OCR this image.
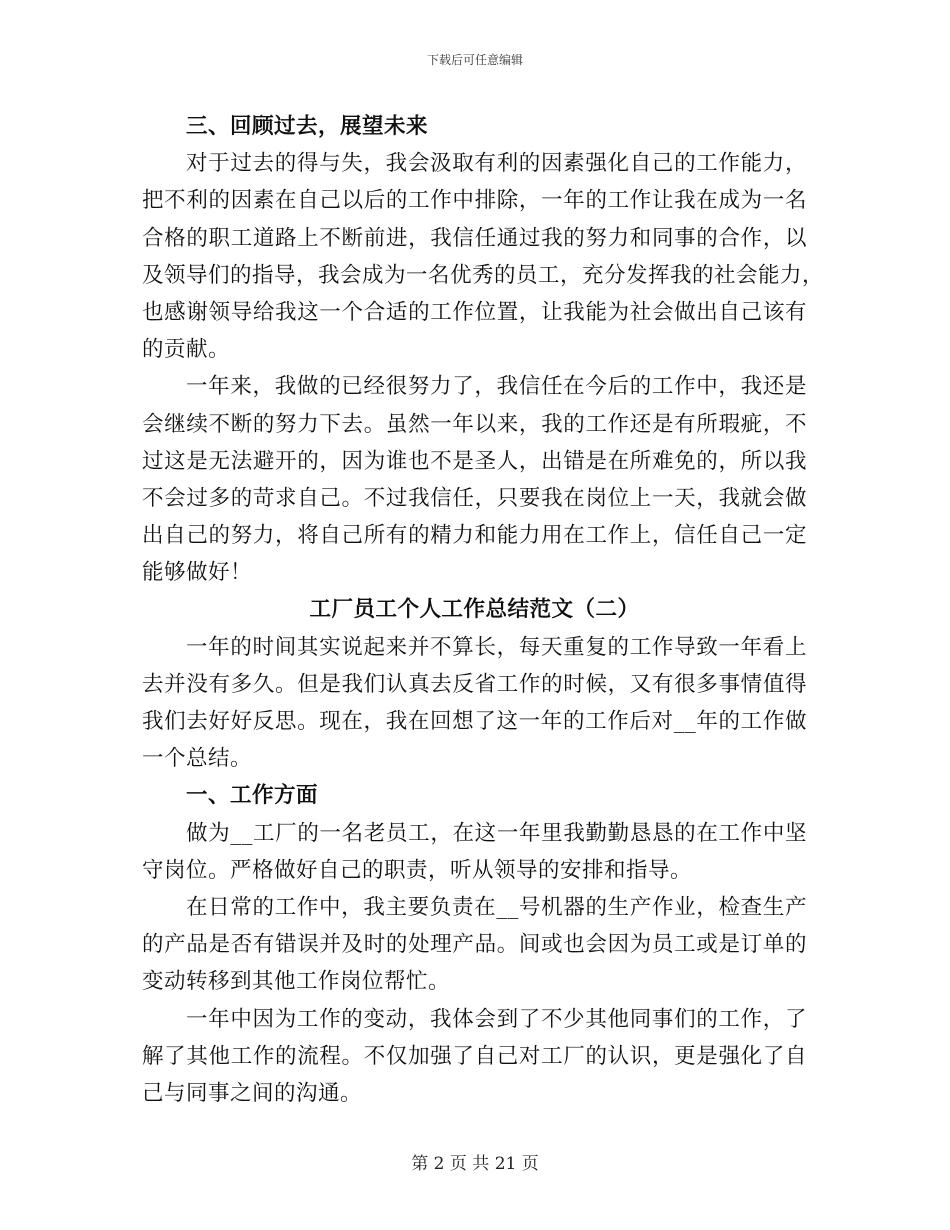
下载后可任意编辑
三、回顾过去，展望未来
对于过去的得与失，我会汲取有利的因素强化自己的工作能力，
把不利的因素在自己以后的工作中排除，一年的工作让我在成为一名
合格的职工道路上不断前进，我信任通过我的努力和同事的合作，以
及领导们的指导，我会成为一名优秀的员工，充分发挥我的社会能力，
也感谢领导给我这一个合适的工作位置，让我能为社会做出自己该有
的贡献。
一年来，我做的已经很努力了，我信任在今后的工作中，我还是
会继续不断的努力下去。虽然一年以来，我的工作还是有所瑕疵，不
过这是无法避开的，因为谁也不是圣人，出错是在所难免的，所以我
不会过多的苛求自己。不过我信任，只要我在岗位上一天，我就会做
出自己的努力，将自己所有的精力和能力用在工作上，信任自己一定
能够做好！
工厂员工个人工作总结范文（二）
一年的时间其实说起来并不算长，每天重复的工作导致一年看上
去并没有多久。但是我们认真去反省工作的时候，又有很多事情值得
我们去好好反思。现在，我在回想了这一年的工作后对__年的工作做
一个总结。
一、工作方面
做为__工厂的一名老员工，在这一年里我勤勤恳恳的在工作中坚
守岗位。严格做好自己的职责，听从领导的安排和指导。
在日常的工作中，我主要负责在__号机器的生产作业，检查生产
的产品是否有错误并及时的处理产品。间或也会因为员工或是订单的
变动转移到其他工作岗位帮忙。
一年中因为工作的变动，我体会到了不少其他同事们的工作，了
解了其他工作的流程。不仅加强了自己对工厂的认识，更是强化了自
己与同事之间的沟通。
第 2 页 共 21 页
